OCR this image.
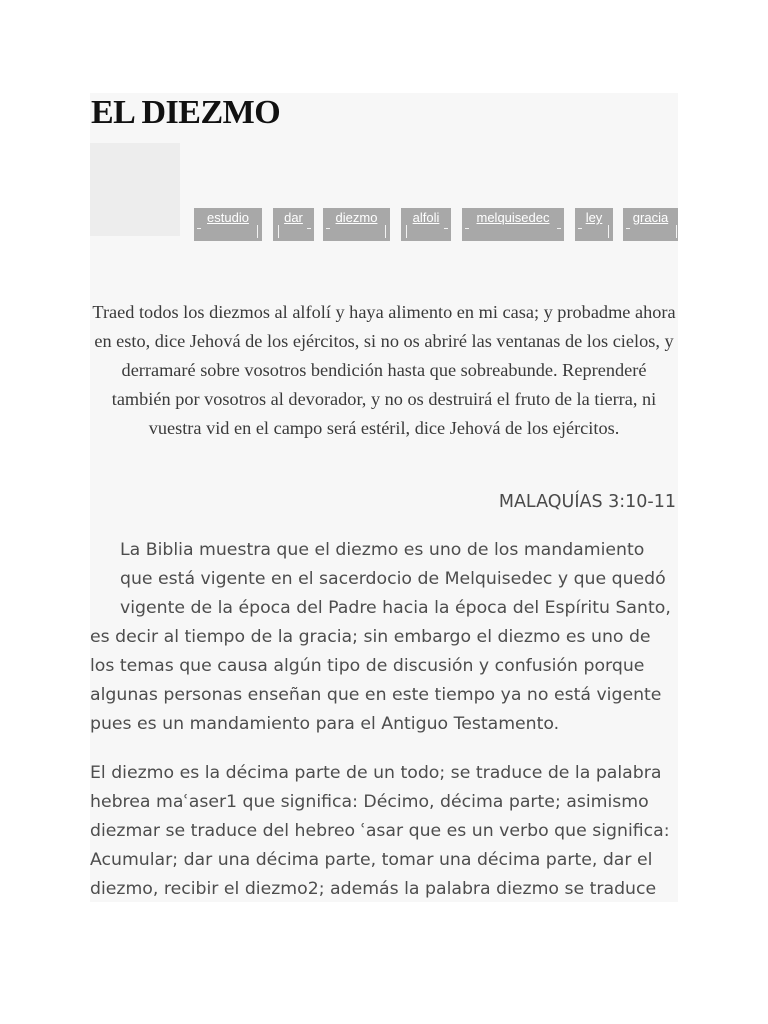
EL DIEZMO
estudio	dar	diezmo	alfoli	melquisedec	ley	gracia

Traed todos los diezmos al alfolí y haya alimento en mi casa; y probadme ahora en esto, dice Jehová de los ejércitos, si no os abriré las ventanas de los cielos, y derramaré sobre vosotros bendición hasta que sobreabunde. Reprenderé también por vosotros al devorador, y no os destruirá el fruto de la tierra, ni vuestra vid en el campo será estéril, dice Jehová de los ejércitos.

MALAQUÍAS 3:10-11

La Biblia muestra que el diezmo es uno de los mandamiento
que está vigente en el sacerdocio de Melquisedec y que quedó
vigente de la época del Padre hacia la época del Espíritu Santo,
es decir al tiempo de la gracia; sin embargo el diezmo es uno de
los temas que causa algún tipo de discusión y confusión porque
algunas personas enseñan que en este tiempo ya no está vigente
pues es un mandamiento para el Antiguo Testamento.
El diezmo es la décima parte de un todo; se traduce de la palabra
hebrea maʿaser1 que significa: Décimo, décima parte; asimismo
diezmar se traduce del hebreo ʿasar que es un verbo que significa:
Acumular; dar una décima parte, tomar una décima parte, dar el
diezmo, recibir el diezmo2; además la palabra diezmo se traduce
